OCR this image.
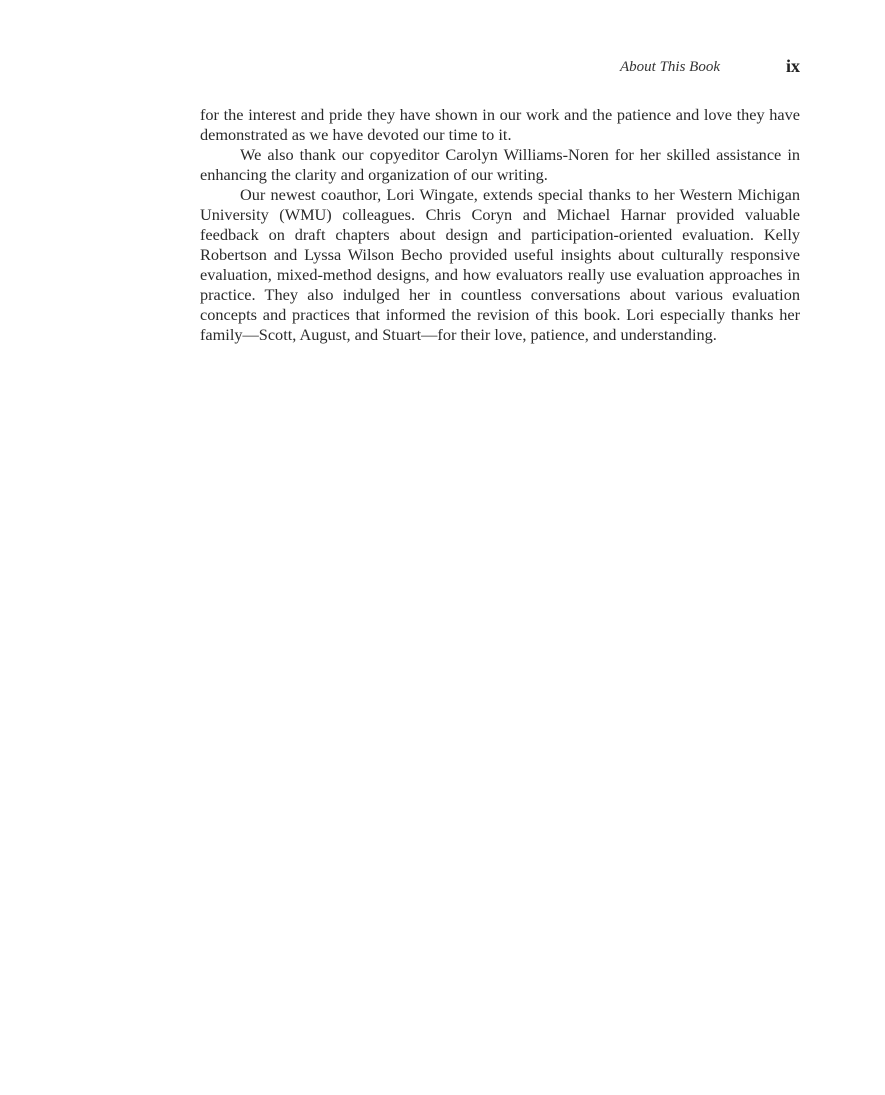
About This Book	ix

for the interest and pride they have shown in our work and the patience and love they have demonstrated as we have devoted our time to it.

We also thank our copyeditor Carolyn Williams-Noren for her skilled assistance in enhancing the clarity and organization of our writing.

Our newest coauthor, Lori Wingate, extends special thanks to her Western Michigan University (WMU) colleagues. Chris Coryn and Michael Harnar provided valuable feedback on draft chapters about design and participation-oriented evaluation. Kelly Robertson and Lyssa Wilson Becho provided useful insights about culturally responsive evaluation, mixed-method designs, and how evaluators really use evaluation approaches in practice. They also indulged her in countless conversations about various evaluation concepts and practices that informed the revision of this book. Lori especially thanks her family—Scott, August, and Stuart—for their love, patience, and understanding.
